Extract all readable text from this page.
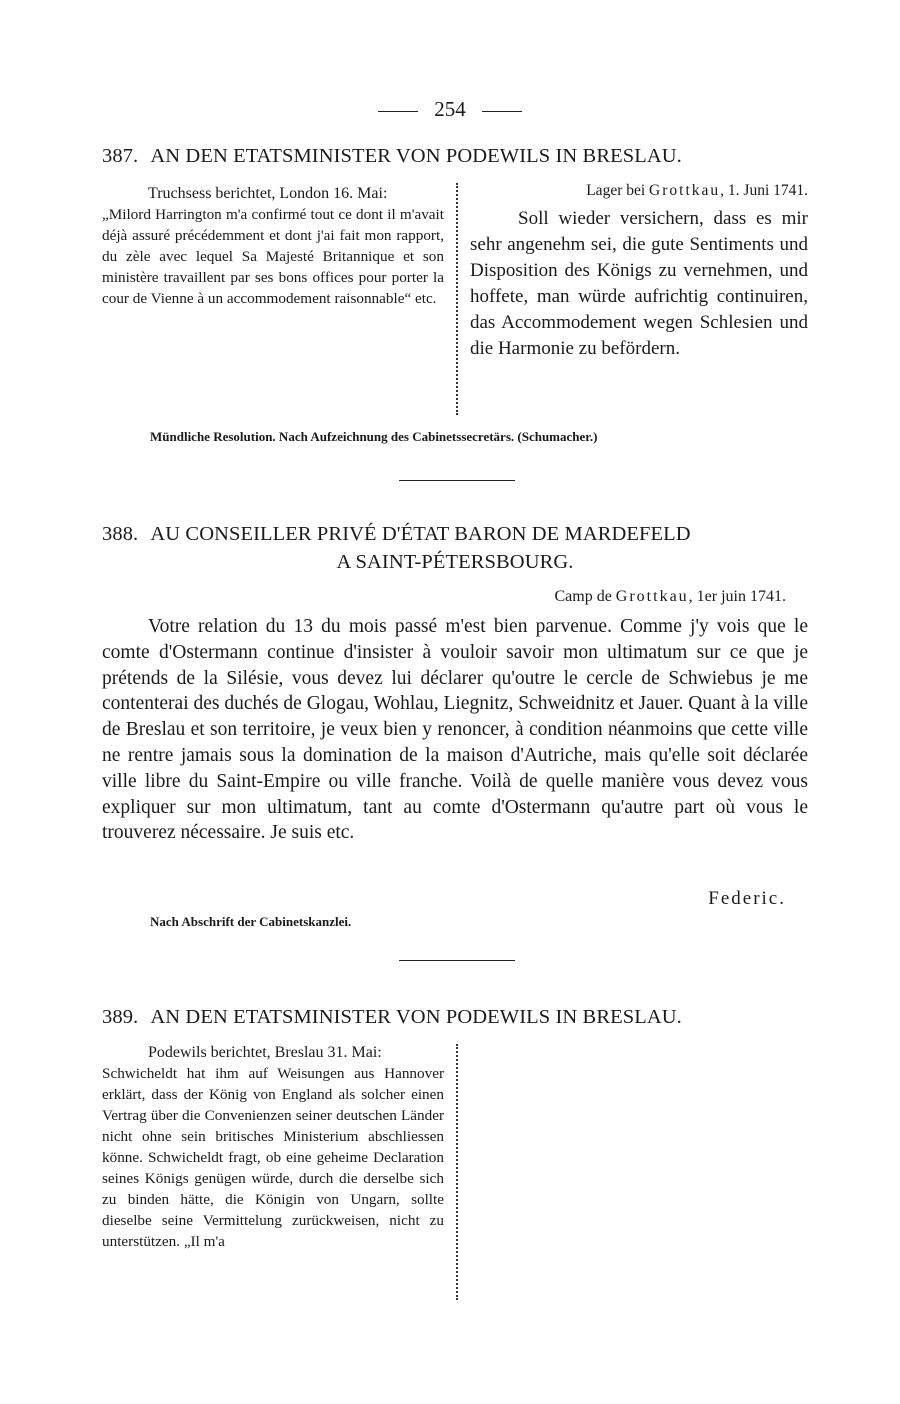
254
387. AN DEN ETATSMINISTER VON PODEWILS IN BRESLAU.
Truchsess berichtet, London 16. Mai:
„Milord Harrington m'a confirmé tout ce dont il m'avait déjà assuré précédemment et dont j'ai fait mon rapport, du zèle avec lequel Sa Majesté Britannique et son ministère travaillent par ses bons offices pour porter la cour de Vienne à un accommodement raisonnable“ etc.
Lager bei Grottkau, 1. Juni 1741.
Soll wieder versichern, dass es mir sehr angenehm sei, die gute Sentiments und Disposition des Königs zu vernehmen, und hoffete, man würde aufrichtig continuiren, das Accommodement wegen Schlesien und die Harmonie zu befördern.
Mündliche Resolution. Nach Aufzeichnung des Cabinetssecretärs. (Schumacher.)
388. AU CONSEILLER PRIVÉ D'ÉTAT BARON DE MARDEFELD
A SAINT-PÉTERSBOURG.
Camp de Grottkau, 1er juin 1741.
Votre relation du 13 du mois passé m'est bien parvenue. Comme j'y vois que le comte d'Ostermann continue d'insister à vouloir savoir mon ultimatum sur ce que je prétends de la Silésie, vous devez lui déclarer qu'outre le cercle de Schwiebus je me contenterai des duchés de Glogau, Wohlau, Liegnitz, Schweidnitz et Jauer. Quant à la ville de Breslau et son territoire, je veux bien y renoncer, à condition néanmoins que cette ville ne rentre jamais sous la domination de la maison d'Autriche, mais qu'elle soit déclarée ville libre du Saint-Empire ou ville franche. Voilà de quelle manière vous devez vous expliquer sur mon ultimatum, tant au comte d'Ostermann qu'autre part où vous le trouverez nécessaire. Je suis etc.
Federic.
Nach Abschrift der Cabinetskanzlei.
389. AN DEN ETATSMINISTER VON PODEWILS IN BRESLAU.
Podewils berichtet, Breslau 31. Mai:
Schwicheldt hat ihm auf Weisungen aus Hannover erklärt, dass der König von England als solcher einen Vertrag über die Convenienzen seiner deutschen Länder nicht ohne sein britisches Ministerium abschliessen könne. Schwicheldt fragt, ob eine geheime Declaration seines Königs genügen würde, durch die derselbe sich zu binden hätte, die Königin von Ungarn, sollte dieselbe seine Vermittelung zurückweisen, nicht zu unterstützen. „Il m'a
